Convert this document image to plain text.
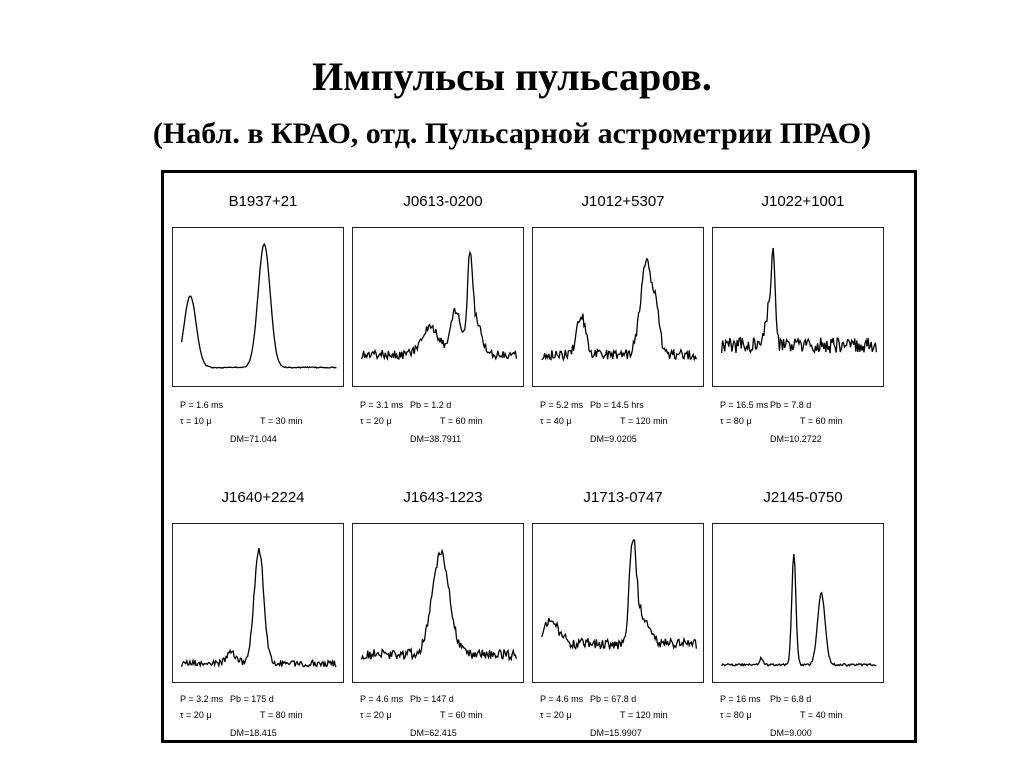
Импульсы пульсаров.
(Набл. в КРАО, отд. Пульсарной астрометрии ПРАО)
B1937+21
P = 1.6 ms
τ = 10 μ	T = 30 min
DM=71.044
J0613-0200
P = 3.1 ms Pb = 1.2 d
τ = 20 μ	T = 60 min
DM=38.7911
J1012+5307
P = 5.2 ms Pb = 14.5 hrs
τ = 40 μ	T = 120 min
DM=9.0205
J1022+1001
P = 16.5 ms Pb = 7.8 d
τ = 80 μ	T = 60 min
DM=10.2722
J1640+2224
P = 3.2 ms Pb = 175 d
τ = 20 μ	T = 80 min
DM=18.415
J1643-1223
P = 4.6 ms Pb = 147 d
τ = 20 μ	T = 60 min
DM=62.415
J1713-0747
P = 4.6 ms Pb = 67.8 d
τ = 20 μ	T = 120 min
DM=15.9907
J2145-0750
P = 16 ms Pb = 6.8 d
τ = 80 μ	T = 40 min
DM=9.000
